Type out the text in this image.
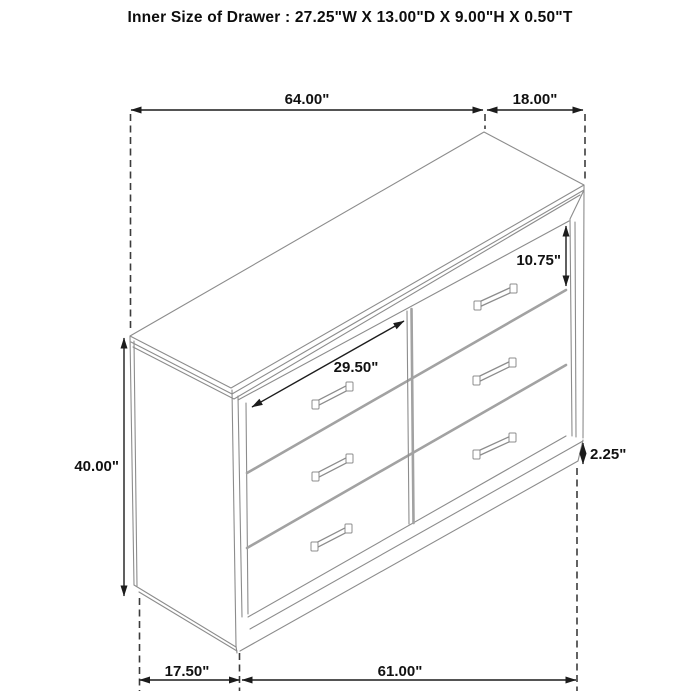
Inner Size of Drawer : 27.25"W X 13.00"D X 9.00"H X 0.50"T
64.00"	18.00"
40.00"
10.75"
29.50"
2.25"
17.50"	61.00"
